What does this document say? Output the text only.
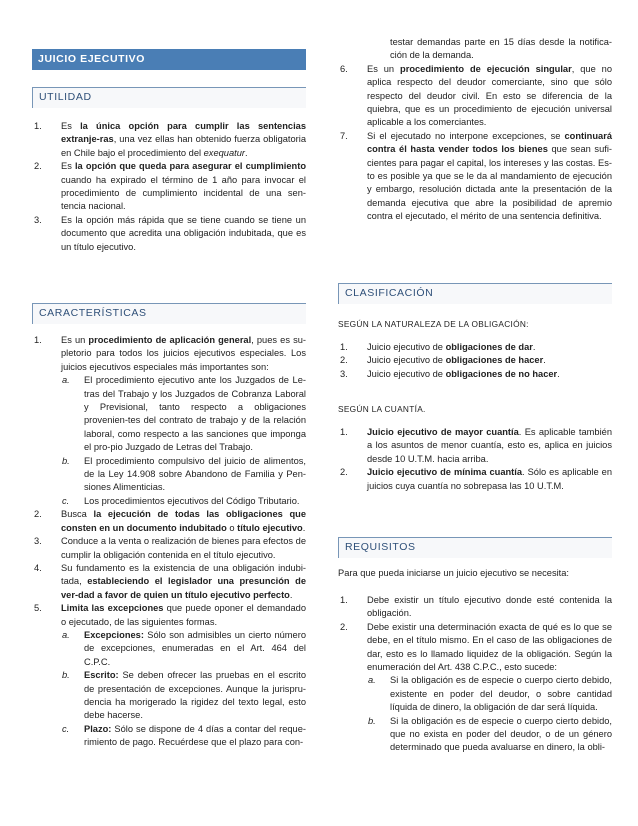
JUICIO EJECUTIVO
UTILIDAD
1. Es la única opción para cumplir las sentencias extranje-ras, una vez ellas han obtenido fuerza obligatoria en Chile bajo el procedimiento del exequatur.
2. Es la opción que queda para asegurar el cumplimiento cuando ha expirado el término de 1 año para invocar el procedimiento de cumplimiento incidental de una sen-tencia nacional.
3. Es la opción más rápida que se tiene cuando se tiene un documento que acredita una obligación indubitada, que es un título ejecutivo.
CARACTERÍSTICAS
1. Es un procedimiento de aplicación general, pues es su-pletorio para todos los juicios ejecutivos especiales. Los juicios ejecutivos especiales más importantes son:
a. El procedimiento ejecutivo ante los Juzgados de Le-tras del Trabajo y los Juzgados de Cobranza Laboral y Previsional, tanto respecto a obligaciones provenien-tes del contrato de trabajo y de la relación laboral, como respecto a las sanciones que imponga el pro-pio Juzgado de Letras del Trabajo.
b. El procedimiento compulsivo del juicio de alimentos, de la Ley 14.908 sobre Abandono de Familia y Pen-siones Alimenticias.
c. Los procedimientos ejecutivos del Código Tributario.
2. Busca la ejecución de todas las obligaciones que consten en un documento indubitado o título ejecutivo.
3. Conduce a la venta o realización de bienes para efectos de cumplir la obligación contenida en el título ejecutivo.
4. Su fundamento es la existencia de una obligación indubi-tada, estableciendo el legislador una presunción de ver-dad a favor de quien un título ejecutivo perfecto.
5. Limita las excepciones que puede oponer el demandado o ejecutado, de las siguientes formas.
a. Excepciones: Sólo son admisibles un cierto número de excepciones, enumeradas en el Art. 464 del C.P.C.
b. Escrito: Se deben ofrecer las pruebas en el escrito de presentación de excepciones. Aunque la jurispru-dencia ha morigerado la rigidez del texto legal, esto debe hacerse.
c. Plazo: Sólo se dispone de 4 días a contar del reque-rimiento de pago. Recuérdese que el plazo para con-
testar demandas parte en 15 días desde la notifica-ción de la demanda.
6. Es un procedimiento de ejecución singular, que no aplica respecto del deudor comerciante, sino que sólo respecto del deudor civil. En esto se diferencia de la quiebra, que es un procedimiento de ejecución universal aplicable a los comerciantes.
7. Si el ejecutado no interpone excepciones, se continuará contra él hasta vender todos los bienes que sean sufi-cientes para pagar el capital, los intereses y las costas. Es-to es posible ya que se le da al mandamiento de ejecución y embargo, resolución dictada ante la presentación de la demanda ejecutiva que abre la posibilidad de apremio contra el ejecutado, el mérito de una sentencia definitiva.
CLASIFICACIÓN

SEGÚN LA NATURALEZA DE LA OBLIGACIÓN:

1. Juicio ejecutivo de obligaciones de dar.
2. Juicio ejecutivo de obligaciones de hacer.
3. Juicio ejecutivo de obligaciones de no hacer.

SEGÚN LA CUANTÍA.

1. Juicio ejecutivo de mayor cuantía. Es aplicable también a los asuntos de menor cuantía, esto es, aplica en juicios desde 10 U.T.M. hacia arriba.
2. Juicio ejecutivo de mínima cuantía. Sólo es aplicable en juicios cuya cuantía no sobrepasa las 10 U.T.M.
REQUISITOS

Para que pueda iniciarse un juicio ejecutivo se necesita:

1. Debe existir un título ejecutivo donde esté contenida la obligación.
2. Debe existir una determinación exacta de qué es lo que se debe, en el título mismo. En el caso de las obligaciones de dar, esto es lo llamado liquidez de la obligación. Según la enumeración del Art. 438 C.P.C., esto sucede:
a. Si la obligación es de especie o cuerpo cierto debido, existente en poder del deudor, o sobre cantidad líquida de dinero, la obligación de dar será líquida.
b. Si la obligación es de especie o cuerpo cierto debido, que no exista en poder del deudor, o de un género determinado que pueda avaluarse en dinero, la obli-
